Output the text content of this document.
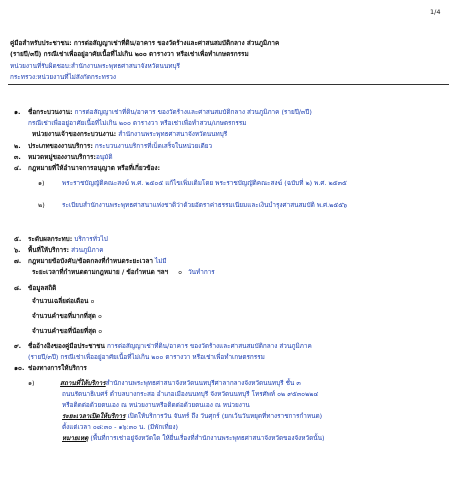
1/4
คู่มือสำหรับประชาชน: การต่อสัญญาเช่าที่ดิน/อาคาร ของวัดร้างและศาสนสมบัติกลาง ส่วนภูมิภาค
(รายปี/๓ปี) กรณีเช่าเพื่ออยู่อาศัยเนื้อที่ไม่เกิน ๒๐๐ ตารางวา หรือเช่าเพื่อทำเกษตรกรรม
หน่วยงานที่รับผิดชอบ:สำนักงานพระพุทธศาสนาจังหวัดนนทบุรี
กระทรวง:หน่วยงานที่ไม่สังกัดกระทรวง
๑. ชื่อกระบวนงาน: การต่อสัญญาเช่าที่ดิน/อาคาร ของวัดร้างและศาสนสมบัติกลาง ส่วนภูมิภาค (รายปี/๓ปี)
กรณีเช่าเพื่ออยู่อาศัยเนื้อที่ไม่เกิน ๒๐๐ ตารางวา หรือเช่าเพื่อทำสวน/เกษตรกรรม
หน่วยงานเจ้าของกระบวนงาน: สำนักงานพระพุทธศาสนาจังหวัดนนทบุรี
๒. ประเภทของงานบริการ: กระบวนงานบริการที่เบ็ดเสร็จในหน่วยเดียว
๓. หมวดหมู่ของงานบริการ:อนุมัติ
๔. กฎหมายที่ให้อำนาจการอนุญาต หรือที่เกี่ยวข้อง:
๑)	พระราชบัญญัติคณะสงฆ์ พ.ศ. ๒๕๐๕ แก้ไขเพิ่มเติมโดย พระราชบัญญัติคณะสงฆ์ (ฉบับที่ ๒) พ.ศ. ๒๕๓๕
๒)	ระเบียบสำนักงานพระพุทธศาสนาแห่งชาติว่าด้วยอัตราค่าธรรมเนียมและเงินบำรุงศาสนสมบัติ พ.ศ.๒๕๕๖
๕. ระดับผลกระทบ: บริการทั่วไป
๖. พื้นที่ให้บริการ: ส่วนภูมิภาค
๗. กฎหมายข้อบังคับ/ข้อตกลงที่กำหนดระยะเวลา ไม่มี
ระยะเวลาที่กำหนดตามกฎหมาย / ข้อกำหนด ฯลฯ ๐ วันทำการ
๘. ข้อมูลสถิติ
จำนวนเฉลี่ยต่อเดือน ๐
จำนวนคำขอที่มากที่สุด ๐
จำนวนคำขอที่น้อยที่สุด ๐
๙. ชื่ออ้างอิงของคู่มือประชาชน การต่อสัญญาเช่าที่ดิน/อาคาร ของวัดร้างและศาสนสมบัติกลาง ส่วนภูมิภาค
(รายปี/๓ปี) กรณีเช่าเพื่ออยู่อาศัยเนื้อที่ไม่เกิน ๒๐๐ ตารางวา หรือเช่าเพื่อทำเกษตรกรรม
๑๐. ช่องทางการให้บริการ
๑)	สถานที่ให้บริการสำนักงานพระพุทธศาสนาจังหวัดนนทบุรีศาลากลางจังหวัดนนทบุรี ชั้น ๓
ถนนรัตนาธิเบศร์ ตำบลบางกระสอ อำเภอเมืองนนทบุรี จังหวัดนนทบุรี โทรศัพท์ ๐๒ ๙๕๓๐๒๒๔
หรือติดต่อด้วยตนเอง ณ หน่วยงานหรือติดต่อด้วยตนเอง ณ หน่วยงาน
ระยะเวลาเปิดให้บริการ เปิดให้บริการวัน จันทร์ ถึง วันศุกร์ (ยกเว้นวันหยุดที่ทางราชการกำหนด)
ตั้งแต่เวลา ๐๘:๓๐ - ๑๖:๓๐ น. (มีพักเที่ยง)
หมายเหตุ (พื้นที่การเช่าอยู่จังหวัดใด ให้ยื่นเรื่องที่สำนักงานพระพุทธศาสนาจังหวัดของจังหวัดนั้น)
